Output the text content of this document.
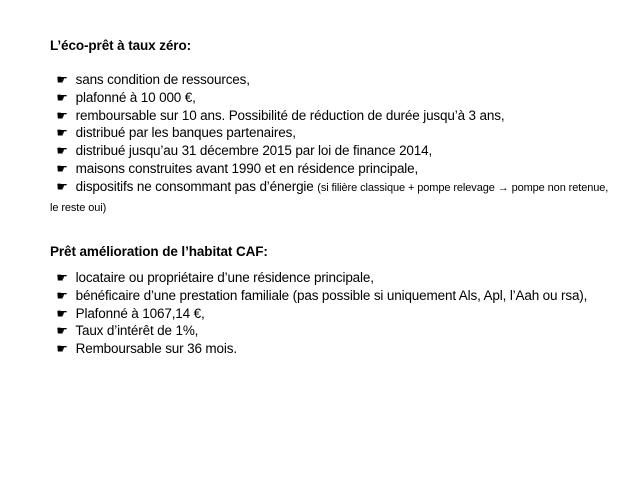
L’éco-prêt à taux zéro:

☛ sans condition de ressources,

☛ plafonné à 10 000 €,

☛ remboursable sur 10 ans. Possibilité de réduction de durée jusqu’à 3 ans,

☛ distribué par les banques partenaires,

☛ distribué jusqu’au 31 décembre 2015 par loi de finance 2014,

☛ maisons construites avant 1990 et en résidence principale,

☛ dispositifs ne consommant pas d’énergie (si filière classique + pompe relevage → pompe non retenue, le reste oui)

Prêt amélioration de l’habitat CAF:

☛ locataire ou propriétaire d’une résidence principale,

☛ bénéficaire d’une prestation familiale (pas possible si uniquement Als, Apl, l’Aah ou rsa),

☛ Plafonné à 1067,14 €,

☛ Taux d’intérêt de 1%,

☛ Remboursable sur 36 mois.
